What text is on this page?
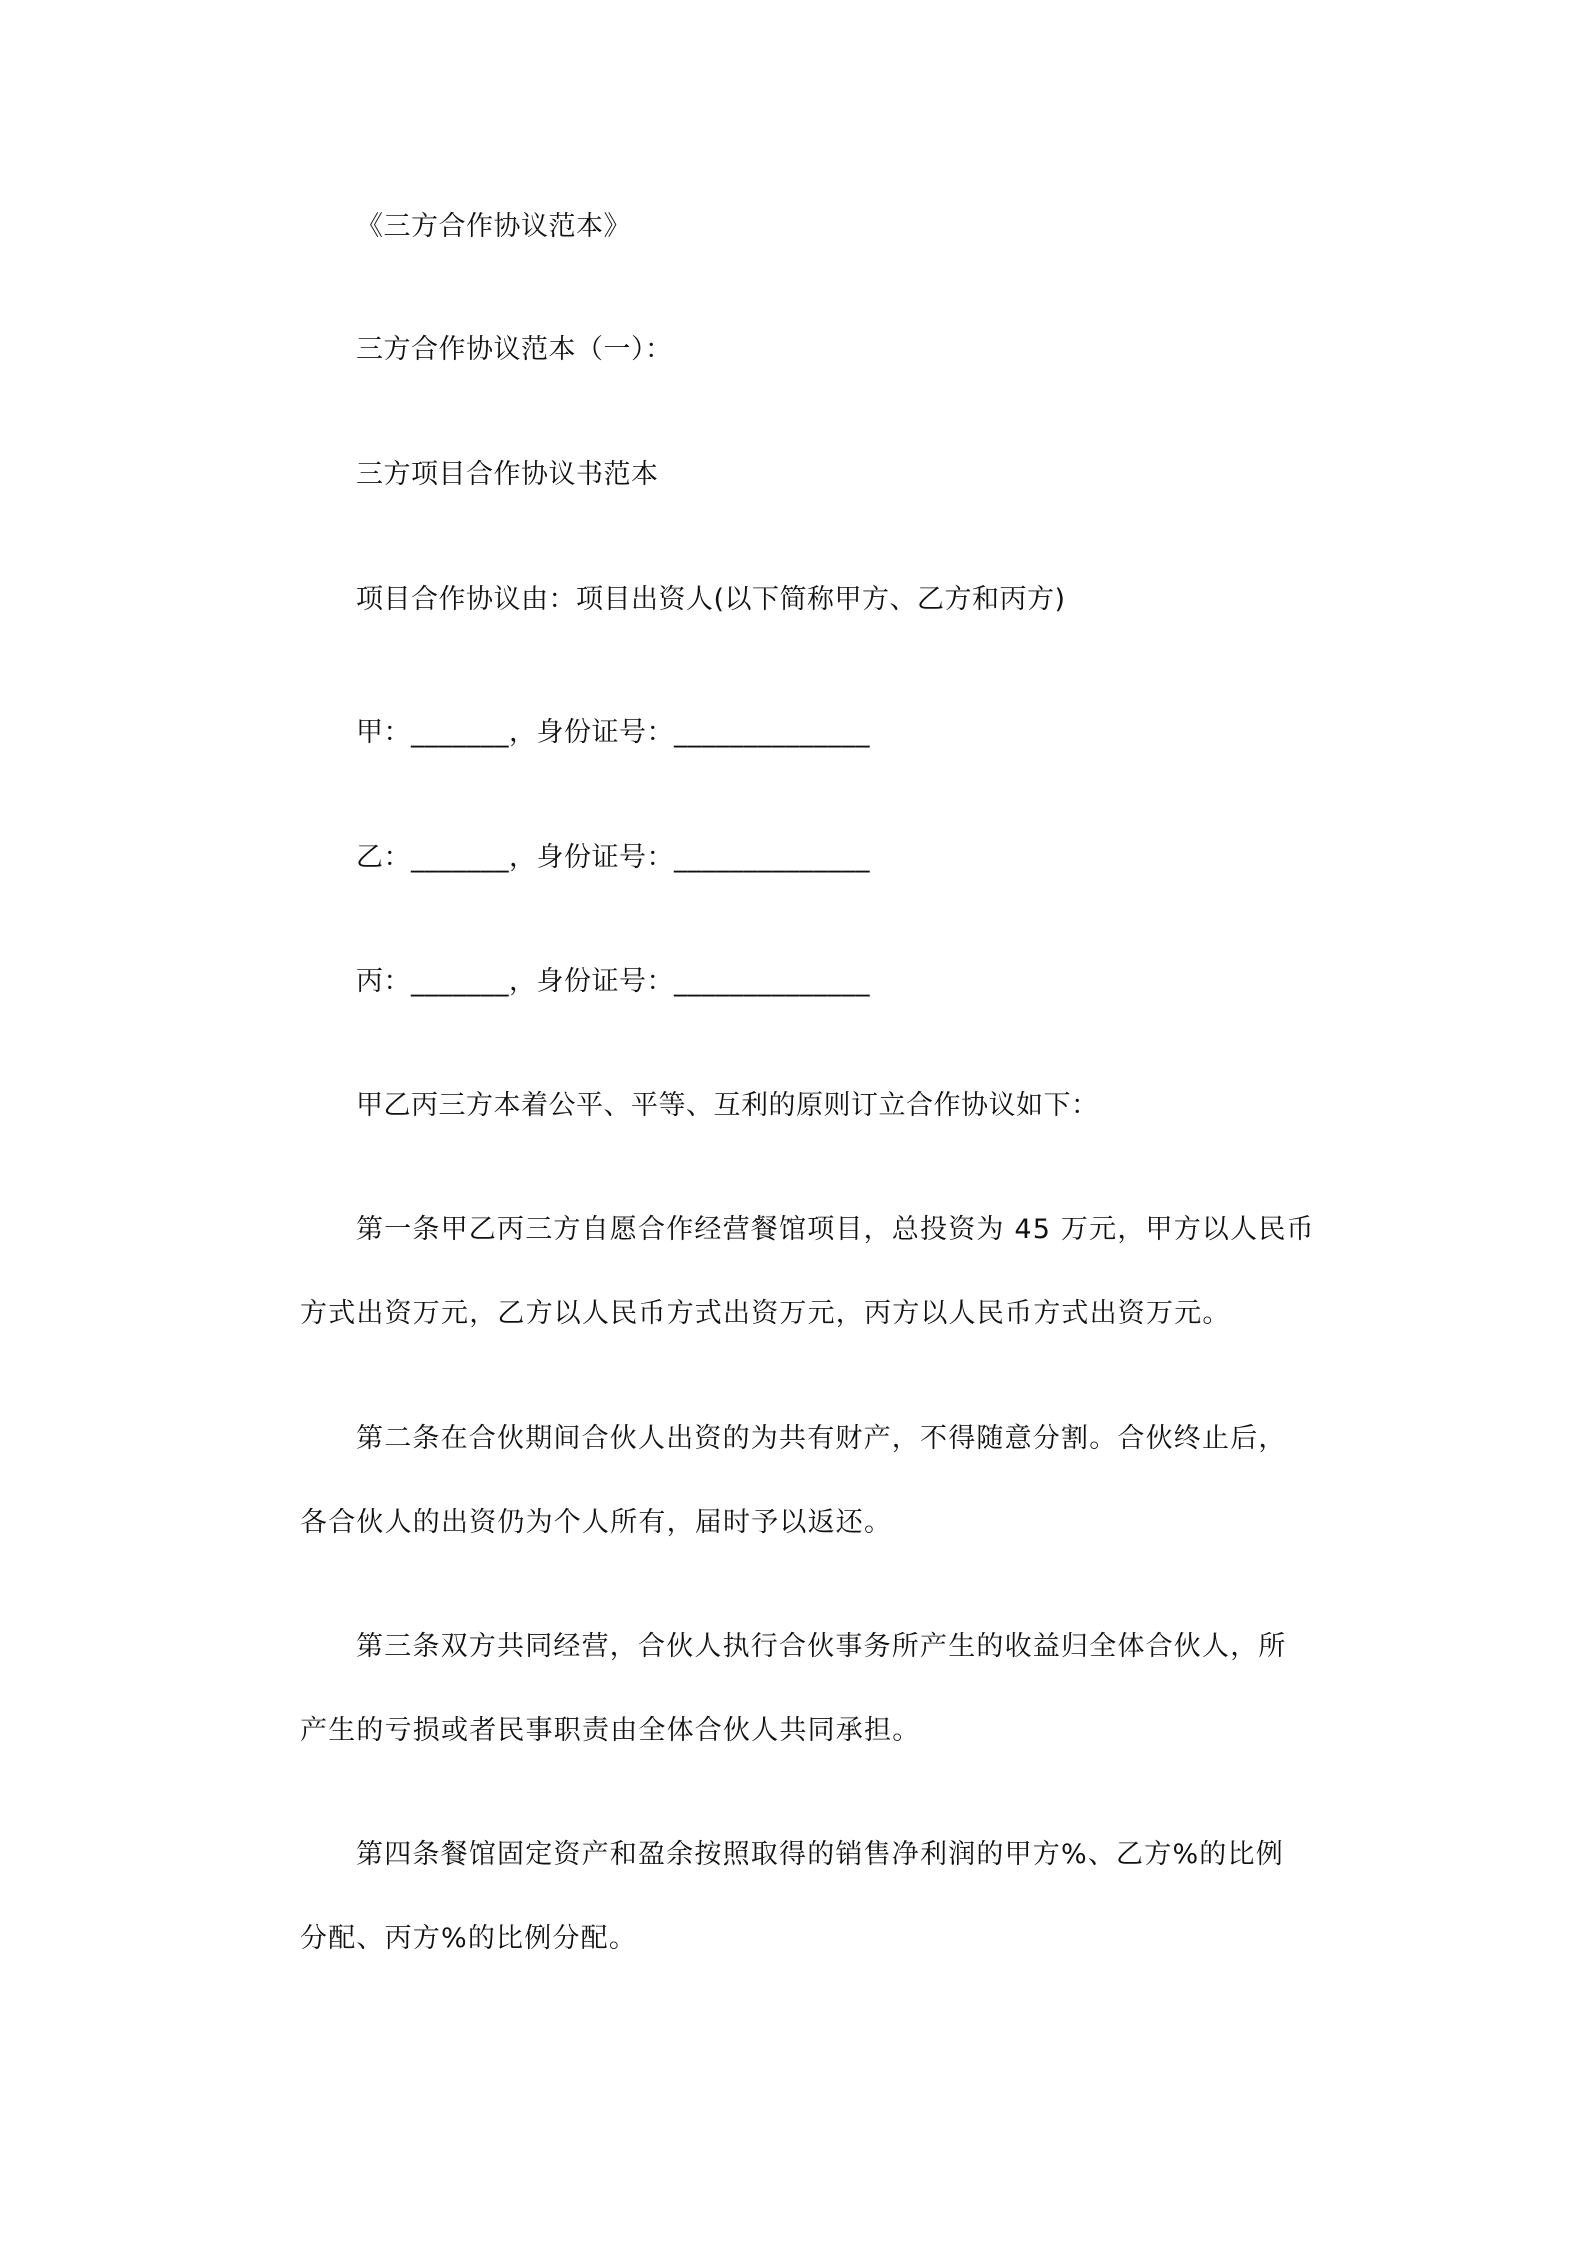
《三方合作协议范本》
三方合作协议范本（一）：
三方项目合作协议书范本
项目合作协议由：项目出资人(以下简称甲方、乙方和丙方)
甲：_______，身份证号：______________
乙：_______，身份证号：______________
丙：_______，身份证号：______________
甲乙丙三方本着公平、平等、互利的原则订立合作协议如下：
第一条甲乙丙三方自愿合作经营餐馆项目，总投资为 45 万元，甲方以人民币
方式出资万元，乙方以人民币方式出资万元，丙方以人民币方式出资万元。
第二条在合伙期间合伙人出资的为共有财产，不得随意分割。合伙终止后，
各合伙人的出资仍为个人所有，届时予以返还。
第三条双方共同经营，合伙人执行合伙事务所产生的收益归全体合伙人，所
产生的亏损或者民事职责由全体合伙人共同承担。
第四条餐馆固定资产和盈余按照取得的销售净利润的甲方%、乙方%的比例
分配、丙方%的比例分配。
